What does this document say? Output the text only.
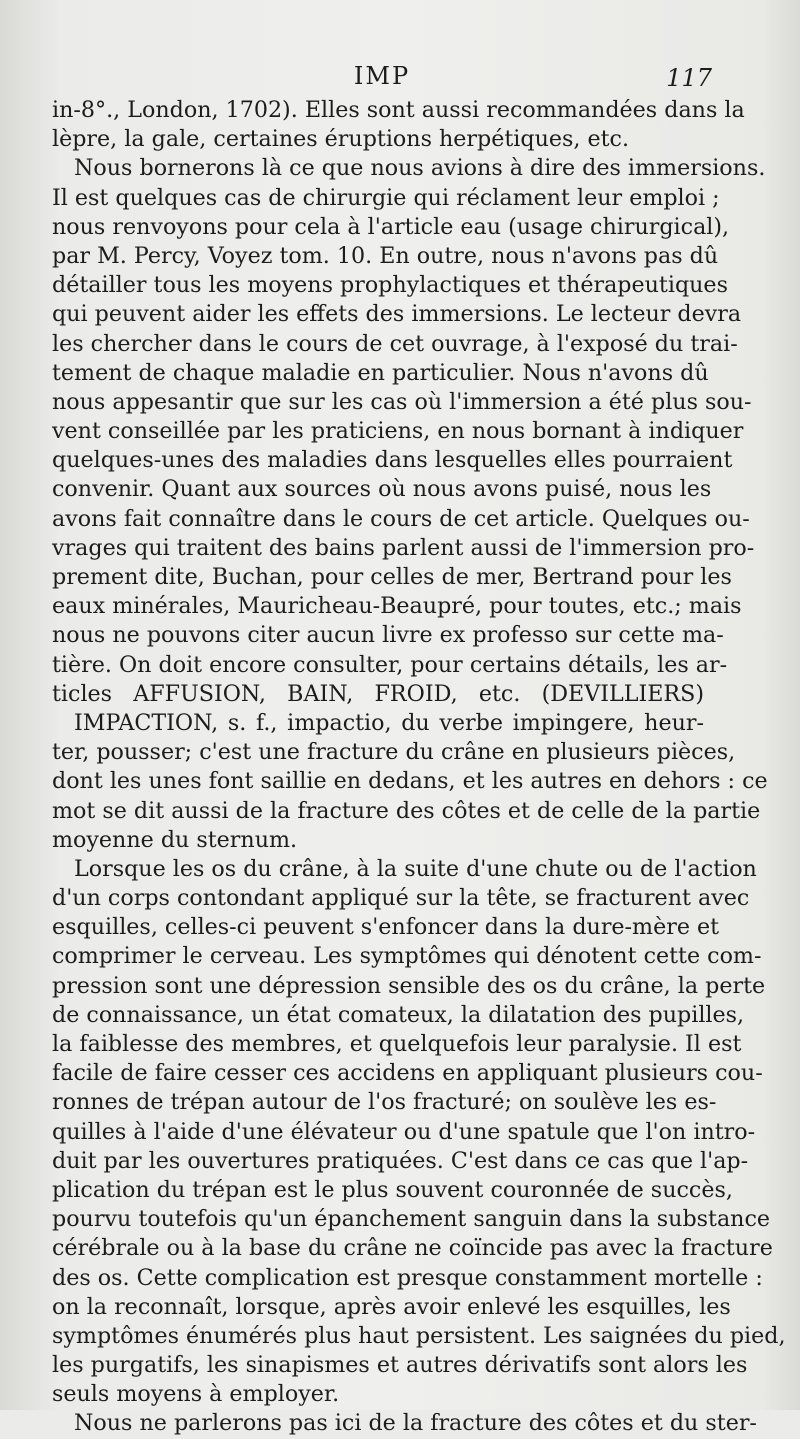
IMP	117
in-8°., London, 1702). Elles sont aussi recommandées dans la
lèpre, la gale, certaines éruptions herpétiques, etc.
Nous bornerons là ce que nous avions à dire des immersions.
Il est quelques cas de chirurgie qui réclament leur emploi ;
nous renvoyons pour cela à l'article eau (usage chirurgical),
par M. Percy, Voyez tom. 10. En outre, nous n'avons pas dû
détailler tous les moyens prophylactiques et thérapeutiques
qui peuvent aider les effets des immersions. Le lecteur devra
les chercher dans le cours de cet ouvrage, à l'exposé du trai-
tement de chaque maladie en particulier. Nous n'avons dû
nous appesantir que sur les cas où l'immersion a été plus sou-
vent conseillée par les praticiens, en nous bornant à indiquer
quelques-unes des maladies dans lesquelles elles pourraient
convenir. Quant aux sources où nous avons puisé, nous les
avons fait connaître dans le cours de cet article. Quelques ou-
vrages qui traitent des bains parlent aussi de l'immersion pro-
prement dite, Buchan, pour celles de mer, Bertrand pour les
eaux minérales, Mauricheau-Beaupré, pour toutes, etc.; mais
nous ne pouvons citer aucun livre ex professo sur cette ma-
tière. On doit encore consulter, pour certains détails, les ar-
ticles AFFUSION, BAIN, FROID, etc. (DEVILLIERS)
IMPACTION, s. f., impactio, du verbe impingere, heur-
ter, pousser; c'est une fracture du crâne en plusieurs pièces,
dont les unes font saillie en dedans, et les autres en dehors : ce
mot se dit aussi de la fracture des côtes et de celle de la partie
moyenne du sternum.
Lorsque les os du crâne, à la suite d'une chute ou de l'action
d'un corps contondant appliqué sur la tête, se fracturent avec
esquilles, celles-ci peuvent s'enfoncer dans la dure-mère et
comprimer le cerveau. Les symptômes qui dénotent cette com-
pression sont une dépression sensible des os du crâne, la perte
de connaissance, un état comateux, la dilatation des pupilles,
la faiblesse des membres, et quelquefois leur paralysie. Il est
facile de faire cesser ces accidens en appliquant plusieurs cou-
ronnes de trépan autour de l'os fracturé; on soulève les es-
quilles à l'aide d'une élévateur ou d'une spatule que l'on intro-
duit par les ouvertures pratiquées. C'est dans ce cas que l'ap-
plication du trépan est le plus souvent couronnée de succès,
pourvu toutefois qu'un épanchement sanguin dans la substance
cérébrale ou à la base du crâne ne coïncide pas avec la fracture
des os. Cette complication est presque constamment mortelle :
on la reconnaît, lorsque, après avoir enlevé les esquilles, les
symptômes énumérés plus haut persistent. Les saignées du pied,
les purgatifs, les sinapismes et autres dérivatifs sont alors les
seuls moyens à employer.
Nous ne parlerons pas ici de la fracture des côtes et du ster-
